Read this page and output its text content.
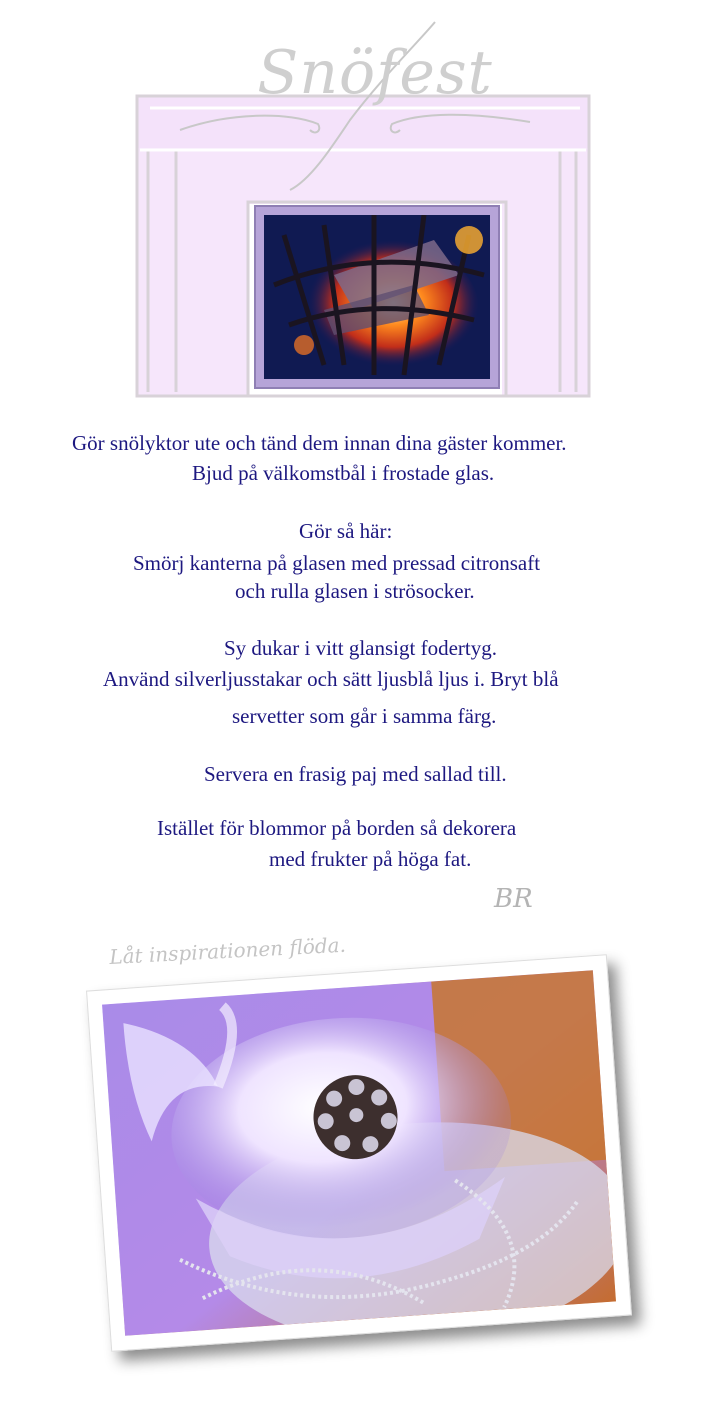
Snöfest
Gör snölyktor ute och tänd dem innan dina gäster kommer.
Bjud på välkomstbål i frostade glas.
Gör så här:
Smörj kanterna på glasen med pressad citronsaft
och rulla glasen i strösocker.
Sy dukar i vitt glansigt fodertyg.
Använd silverljusstakar och sätt ljusblå ljus i. Bryt blå
servetter som går i samma färg.
Servera en frasig paj med sallad till.
Istället för blommor på borden så dekorera
med frukter på höga fat.
BR
Låt inspirationen flöda.
